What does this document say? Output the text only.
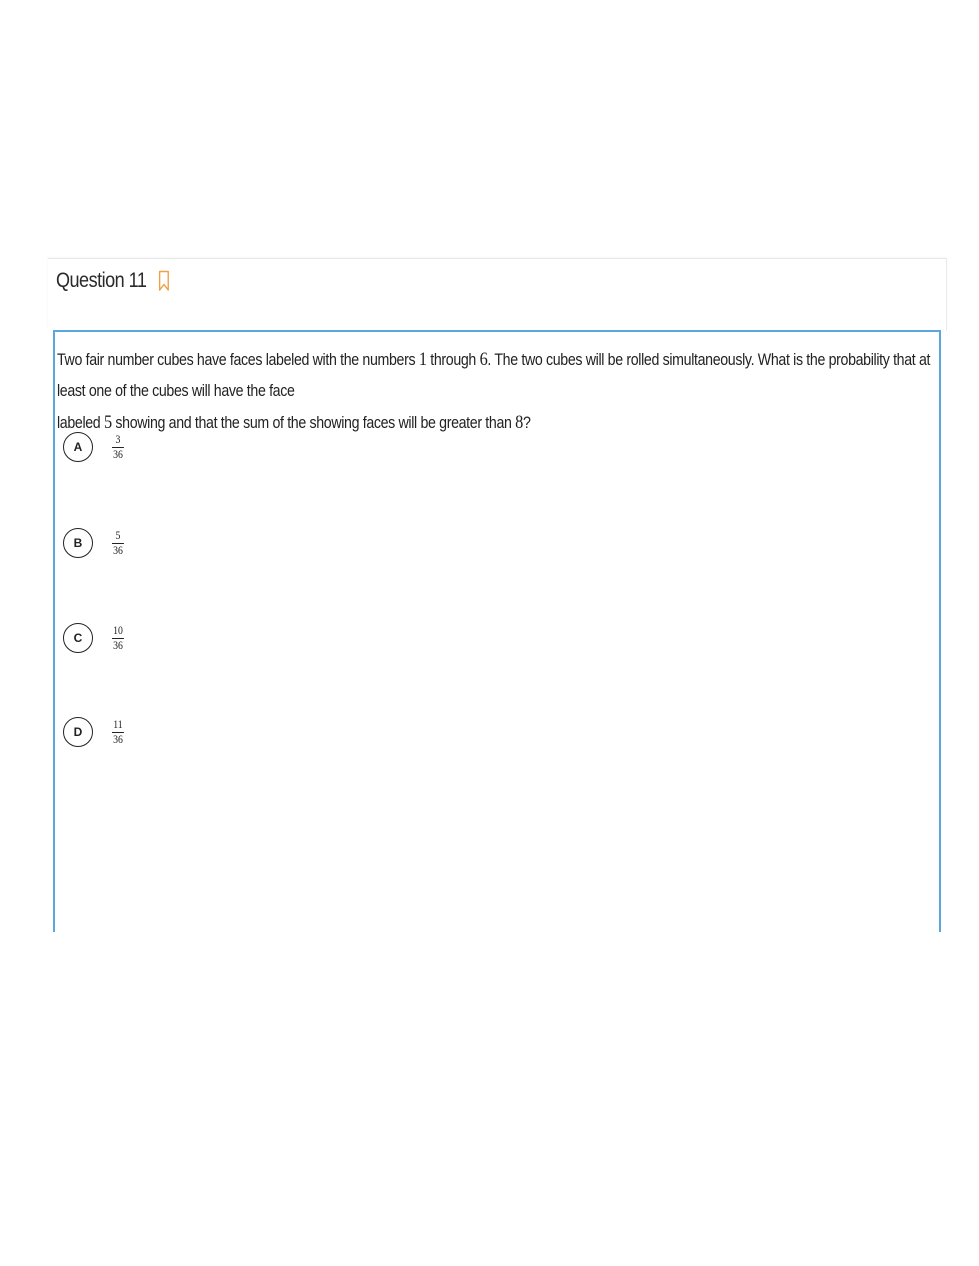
Question 11
Two fair number cubes have faces labeled with the numbers 1 through 6. The two cubes will be rolled simultaneously. What is the probability that at least one of the cubes will have the face
labeled 5 showing and that the sum of the showing faces will be greater than 8?
A	$\frac{3}{36}$
B	$\frac{5}{36}$
C	$\frac{10}{36}$
D	$\frac{11}{36}$
